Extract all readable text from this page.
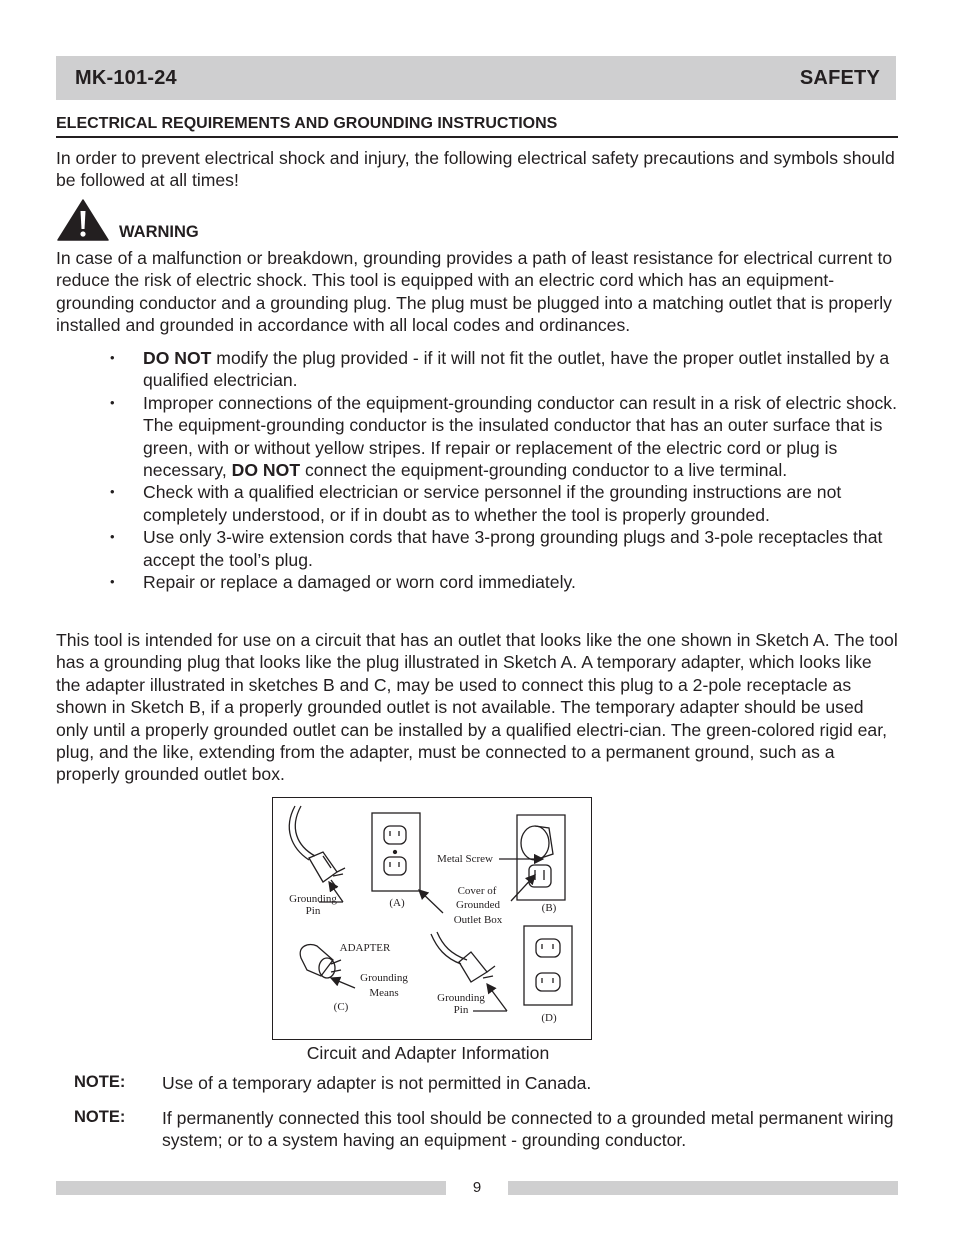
MK-101-24	SAFETY
ELECTRICAL REQUIREMENTS AND GROUNDING INSTRUCTIONS
In order to prevent electrical shock and injury, the following electrical safety precautions and symbols should be followed at all times!
WARNING
In case of a malfunction or breakdown, grounding provides a path of least resistance for electrical current to reduce the risk of electric shock. This tool is equipped with an electric cord which has an equipment-grounding conductor and a grounding plug. The plug must be plugged into a matching outlet that is properly installed and grounded in accordance with all local codes and ordinances.
• DO NOT modify the plug provided - if it will not fit the outlet, have the proper outlet installed by a qualified electrician.
• Improper connections of the equipment-grounding conductor can result in a risk of electric shock. The equipment-grounding conductor is the insulated conductor that has an outer surface that is green, with or without yellow stripes. If repair or replacement of the electric cord or plug is necessary, DO NOT connect the equipment-grounding conductor to a live terminal.
• Check with a qualified electrician or service personnel if the grounding instructions are not completely understood, or if in doubt as to whether the tool is properly grounded.
• Use only 3-wire extension cords that have 3-prong grounding plugs and 3-pole receptacles that accept the tool’s plug.
• Repair or replace a damaged or worn cord immediately.
This tool is intended for use on a circuit that has an outlet that looks like the one shown in Sketch A. The tool has a grounding plug that looks like the plug illustrated in Sketch A. A temporary adapter, which looks like the adapter illustrated in sketches B and C, may be used to connect this plug to a 2-pole receptacle as shown in Sketch B, if a properly grounded outlet is not available. The temporary adapter should be used only until a properly grounded outlet can be installed by a qualified electri-cian. The green-colored rigid ear, plug, and the like, extending from the adapter, must be connected to a permanent ground, such as a properly grounded outlet box.
Grounding
Pin
(A)
Metal Screw
Cover of
Grounded
Outlet Box
(B)
ADAPTER
Grounding
Means
(C)
Grounding
Pin
(D)
Circuit and Adapter Information
NOTE: Use of a temporary adapter is not permitted in Canada.
NOTE: If permanently connected this tool should be connected to a grounded metal permanent wiring system; or to a system having an equipment - grounding conductor.
9
